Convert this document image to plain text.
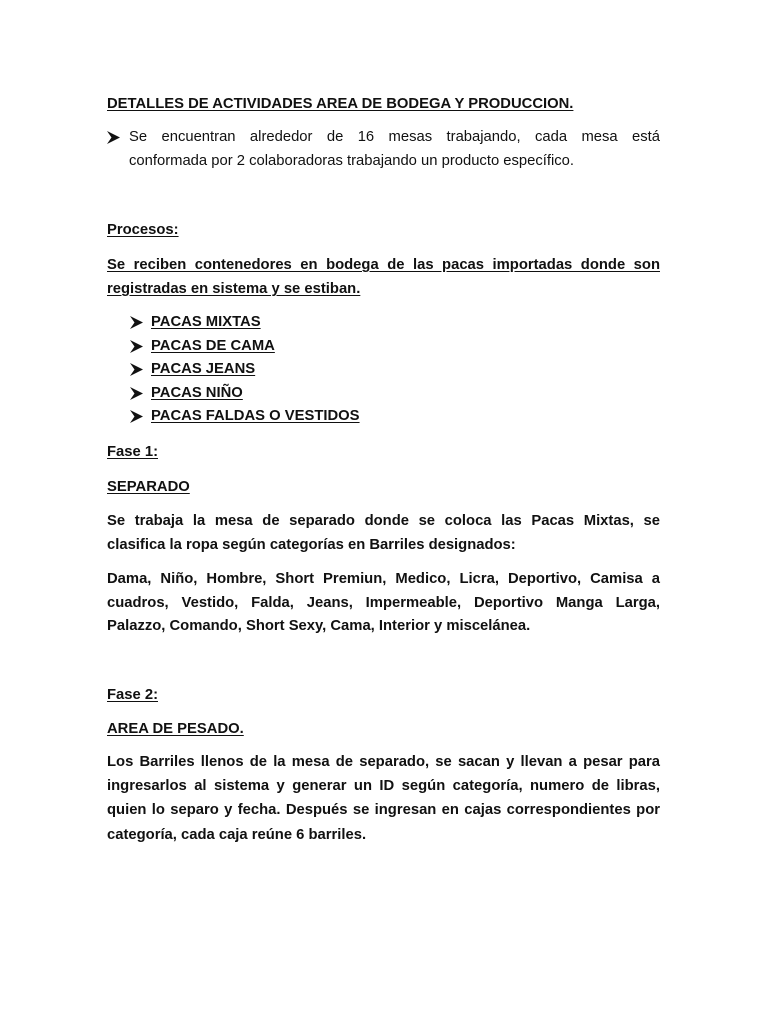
DETALLES DE ACTIVIDADES AREA DE BODEGA Y PRODUCCION.
Se encuentran alrededor de 16 mesas trabajando, cada mesa está
conformada por 2 colaboradoras trabajando un producto específico.
Procesos:
Se reciben contenedores en bodega de las pacas importadas donde son
registradas en sistema y se estiban.
PACAS MIXTAS
PACAS DE CAMA
PACAS JEANS
PACAS NIÑO
PACAS FALDAS O VESTIDOS
Fase 1:
SEPARADO
Se trabaja la mesa de separado donde se coloca las Pacas Mixtas, se
clasifica la ropa según categorías en Barriles designados:
Dama, Niño, Hombre, Short Premiun, Medico, Licra, Deportivo, Camisa a
cuadros, Vestido, Falda, Jeans, Impermeable, Deportivo Manga Larga,
Palazzo, Comando, Short Sexy, Cama, Interior y miscelánea.
Fase 2:
AREA DE PESADO.
Los Barriles llenos de la mesa de separado, se sacan y llevan a pesar para
ingresarlos al sistema y generar un ID según categoría, numero de libras,
quien lo separo y fecha. Después se ingresan en cajas correspondientes por
categoría, cada caja reúne 6 barriles.
